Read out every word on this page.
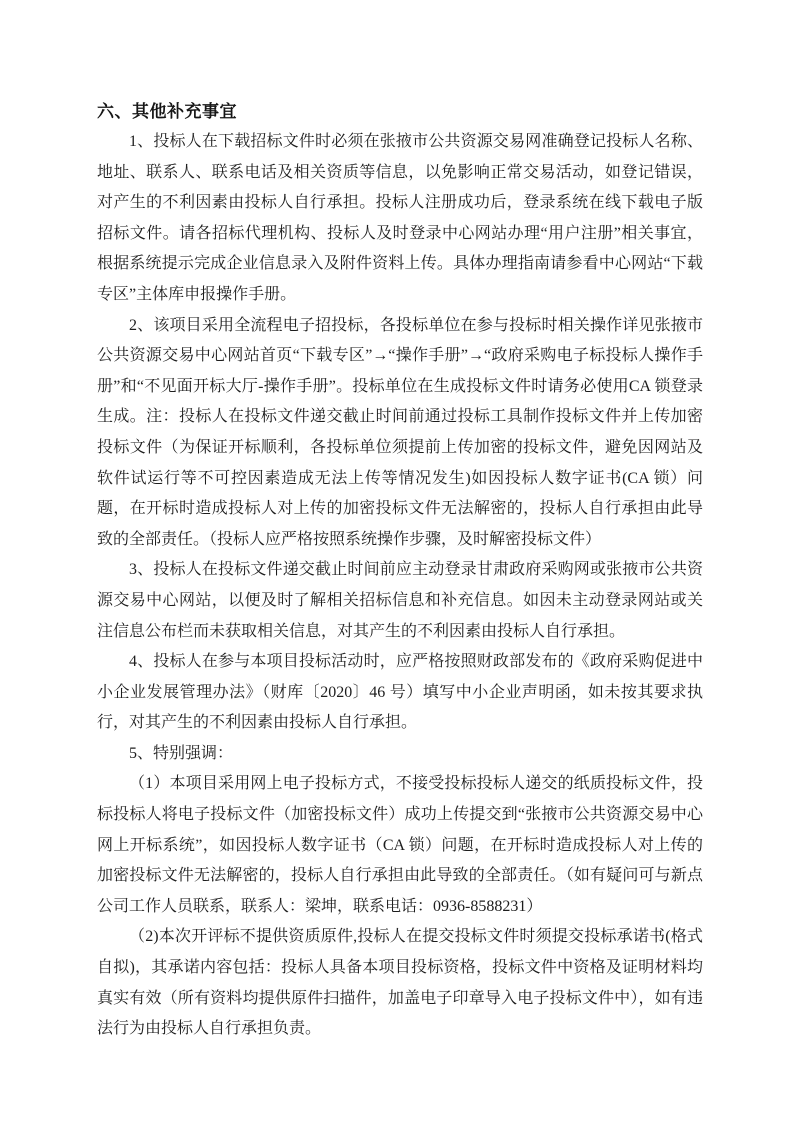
六、其他补充事宜

1、投标人在下载招标文件时必须在张掖市公共资源交易网准确登记投标人名称、地址、联系人、联系电话及相关资质等信息，以免影响正常交易活动，如登记错误，对产生的不利因素由投标人自行承担。投标人注册成功后，登录系统在线下载电子版招标文件。请各招标代理机构、投标人及时登录中心网站办理“用户注册”相关事宜，根据系统提示完成企业信息录入及附件资料上传。具体办理指南请参看中心网站“下载专区”主体库申报操作手册。

2、该项目采用全流程电子招投标，各投标单位在参与投标时相关操作详见张掖市公共资源交易中心网站首页“下载专区”→“操作手册”→“政府采购电子标投标人操作手册”和“不见面开标大厅-操作手册”。投标单位在生成投标文件时请务必使用CA 锁登录生成。注：投标人在投标文件递交截止时间前通过投标工具制作投标文件并上传加密投标文件（为保证开标顺利，各投标单位须提前上传加密的投标文件，避免因网站及软件试运行等不可控因素造成无法上传等情况发生)如因投标人数字证书(CA 锁）问题，在开标时造成投标人对上传的加密投标文件无法解密的，投标人自行承担由此导致的全部责任。（投标人应严格按照系统操作步骤，及时解密投标文件）

3、投标人在投标文件递交截止时间前应主动登录甘肃政府采购网或张掖市公共资源交易中心网站，以便及时了解相关招标信息和补充信息。如因未主动登录网站或关注信息公布栏而未获取相关信息，对其产生的不利因素由投标人自行承担。

4、投标人在参与本项目投标活动时，应严格按照财政部发布的《政府采购促进中小企业发展管理办法》（财库〔2020〕46 号）填写中小企业声明函，如未按其要求执行，对其产生的不利因素由投标人自行承担。

5、特别强调：

（1）本项目采用网上电子投标方式，不接受投标投标人递交的纸质投标文件，投标投标人将电子投标文件（加密投标文件）成功上传提交到“张掖市公共资源交易中心网上开标系统”，如因投标人数字证书（CA 锁）问题，在开标时造成投标人对上传的加密投标文件无法解密的，投标人自行承担由此导致的全部责任。（如有疑问可与新点公司工作人员联系，联系人：梁坤，联系电话：0936-8588231）

（2)本次开评标不提供资质原件,投标人在提交投标文件时须提交投标承诺书(格式自拟)，其承诺内容包括：投标人具备本项目投标资格，投标文件中资格及证明材料均真实有效（所有资料均提供原件扫描件，加盖电子印章导入电子投标文件中），如有违法行为由投标人自行承担负责。
